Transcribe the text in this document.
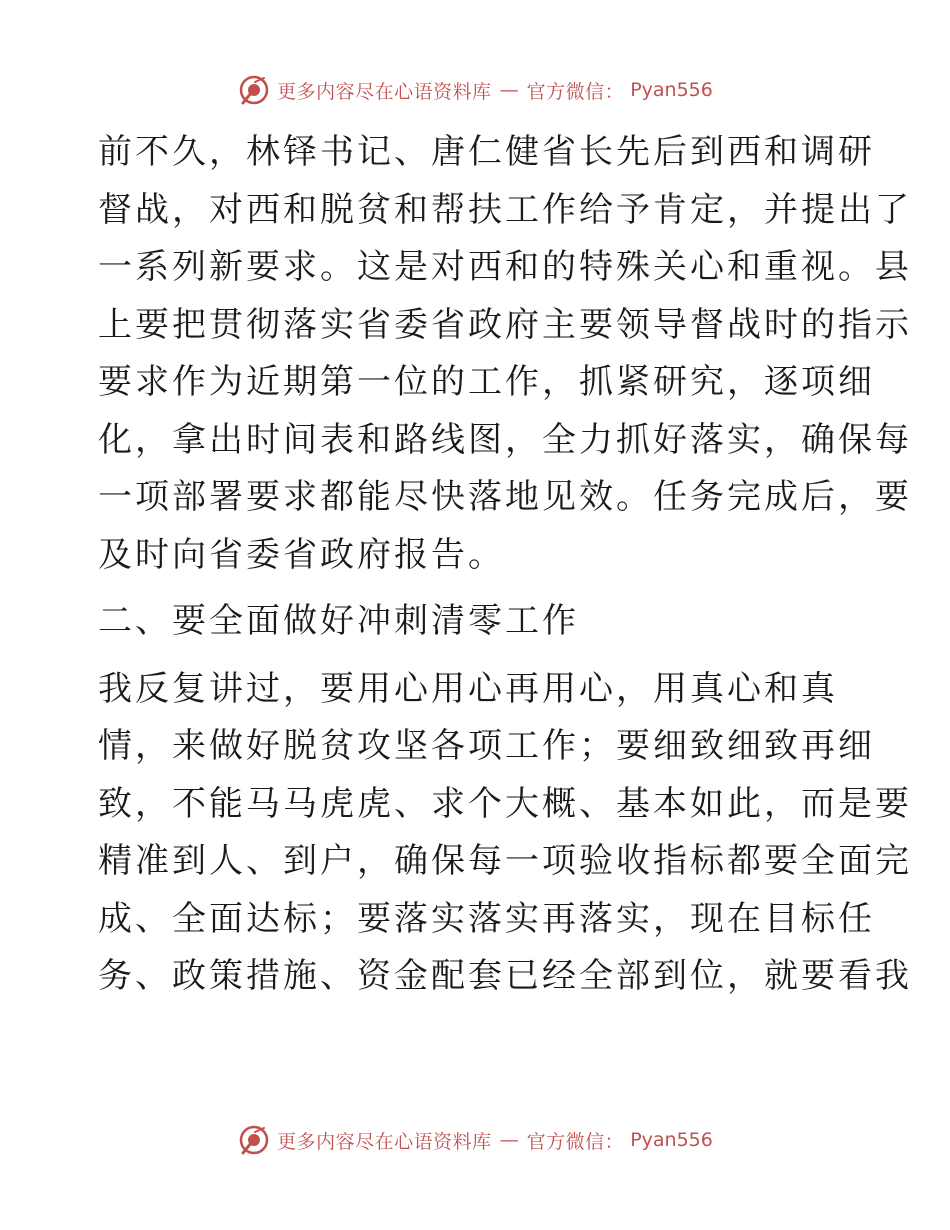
更多内容尽在心语资料库 — 官方微信： Pyan556

前不久，林铎书记、唐仁健省长先后到西和调研
督战，对西和脱贫和帮扶工作给予肯定，并提出了
一系列新要求。这是对西和的特殊关心和重视。县
上要把贯彻落实省委省政府主要领导督战时的指示
要求作为近期第一位的工作，抓紧研究，逐项细
化，拿出时间表和路线图，全力抓好落实，确保每
一项部署要求都能尽快落地见效。任务完成后，要
及时向省委省政府报告。

二、要全面做好冲刺清零工作

我反复讲过，要用心用心再用心，用真心和真
情，来做好脱贫攻坚各项工作；要细致细致再细
致，不能马马虎虎、求个大概、基本如此，而是要
精准到人、到户，确保每一项验收指标都要全面完
成、全面达标；要落实落实再落实，现在目标任
务、政策措施、资金配套已经全部到位，就要看我

更多内容尽在心语资料库 — 官方微信： Pyan556
